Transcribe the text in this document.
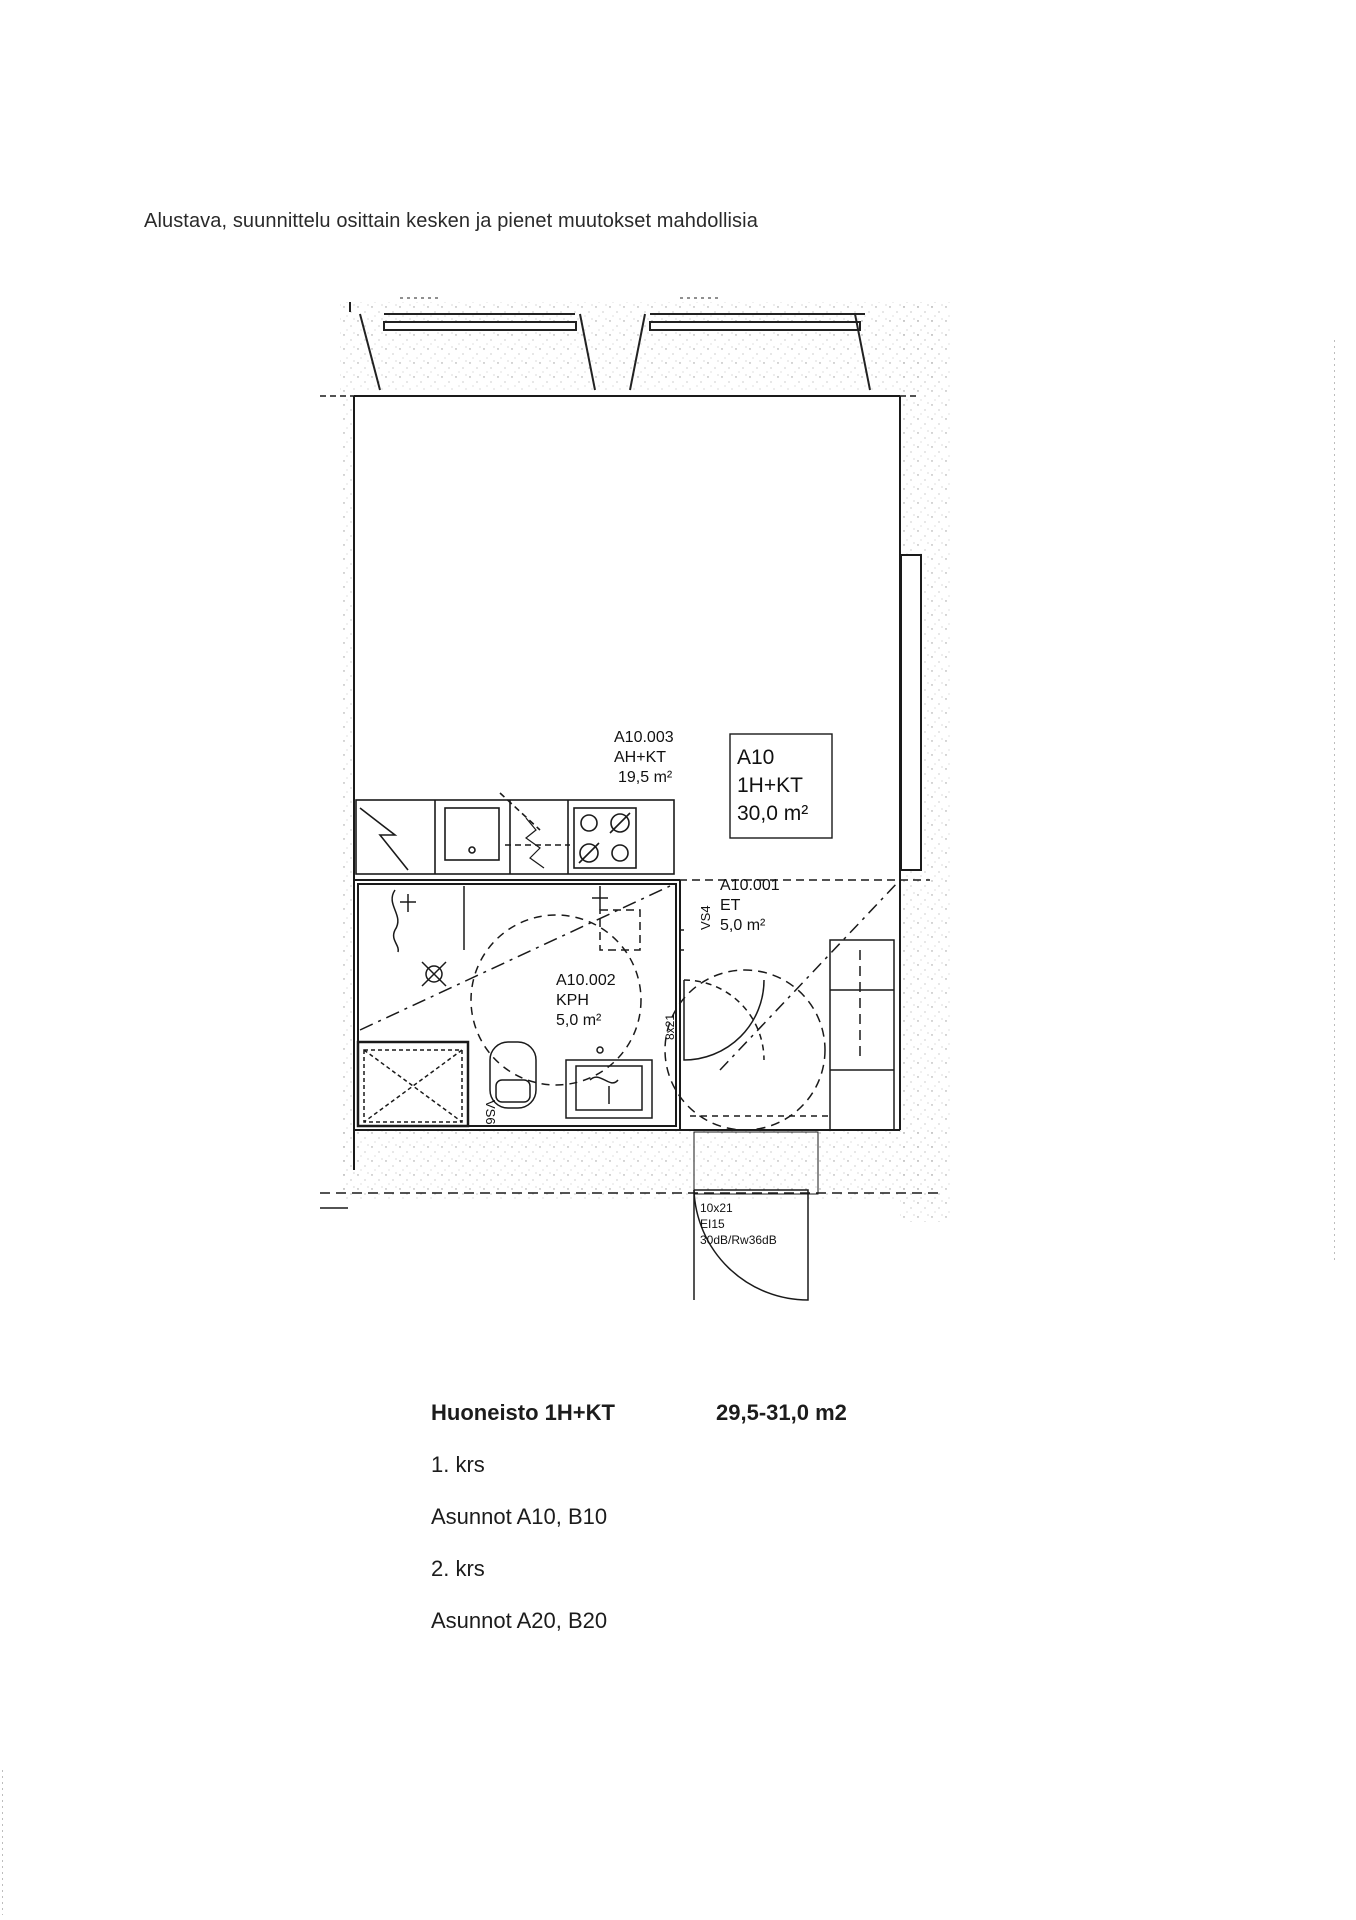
Alustava, suunnittelu osittain kesken ja pienet muutokset mahdollisia
A10
1H+KT
30,0 m²
A10.003
AH+KT
19,5 m²
A10.001
ET
5,0 m²
A10.002
KPH
5,0 m²
VS4
8x21
VS6
10x21
EI15
30dB/Rw36dB
Huoneisto 1H+KT	29,5-31,0 m2
1. krs
Asunnot A10, B10
2. krs
Asunnot A20, B20
